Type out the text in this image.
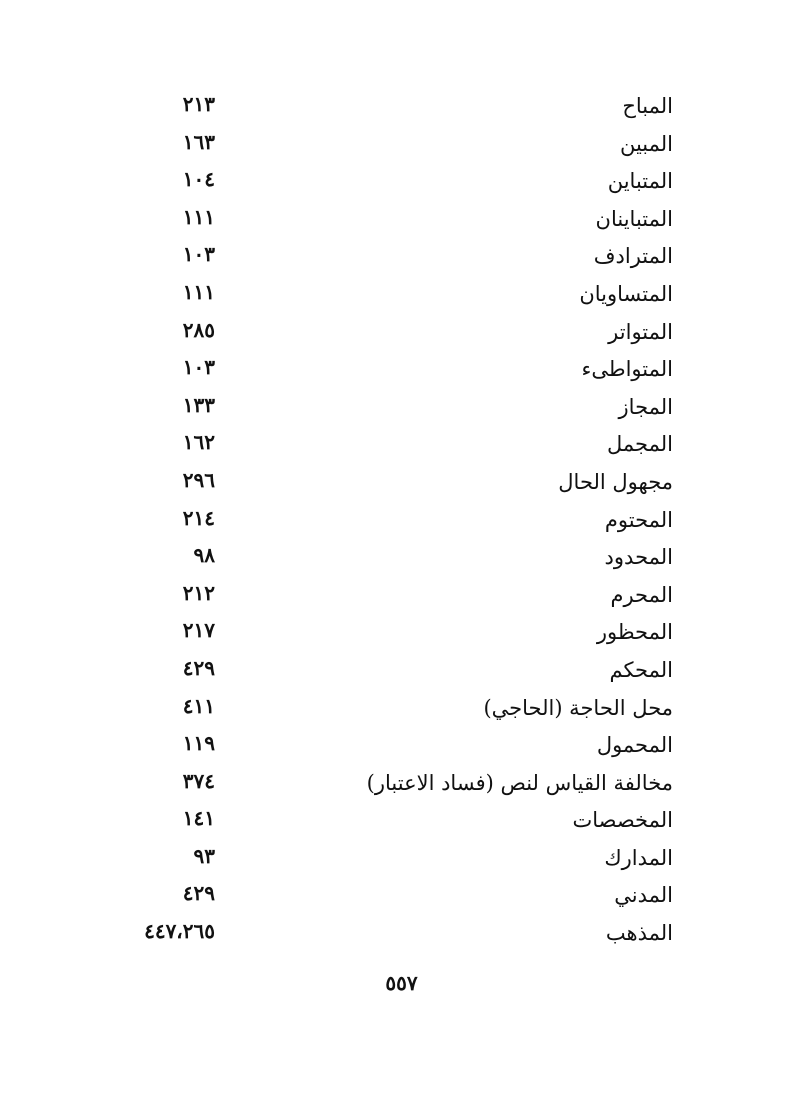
المباح
٢١٣
المبين
١٦٣
المتباين
١٠٤
المتباينان
١١١
المترادف
١٠٣
المتساويان
١١١
المتواتر
٢٨٥
المتواطىء
١٠٣
المجاز
١٣٣
المجمل
١٦٢
مجهول الحال
٢٩٦
المحتوم
٢١٤
المحدود
٩٨
المحرم
٢١٢
المحظور
٢١٧
المحكم
٤٢٩
محل الحاجة (الحاجي)
٤١١
المحمول
١١٩
مخالفة القياس لنص (فساد الاعتبار)
٣٧٤
المخصصات
١٤١
المدارك
٩٣
المدني
٤٢٩
المذهب
٤٤٧،٢٦٥
٥٥٧
